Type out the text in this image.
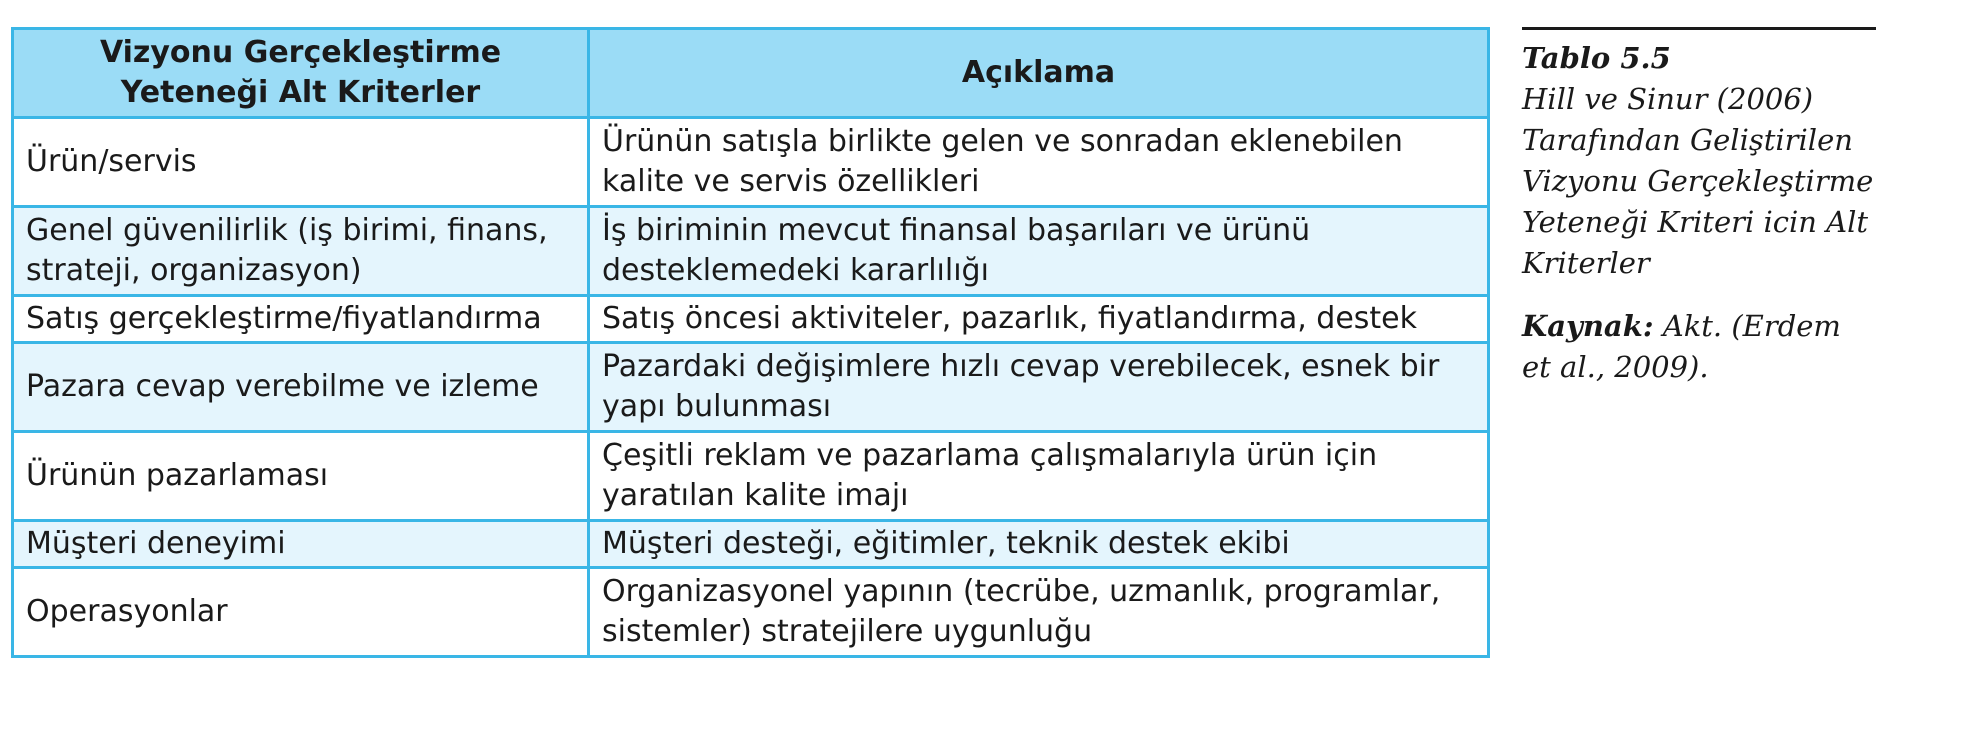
Vizyonu Gerçekleştirme Yeteneği Alt Kriterler	Açıklama
Ürün/servis	Ürünün satışla birlikte gelen ve sonradan eklenebilen kalite ve servis özellikleri
Genel güvenilirlik (iş birimi, finans, strateji, organizasyon)	İş biriminin mevcut finansal başarıları ve ürünü desteklemedeki kararlılığı
Satış gerçekleştirme/fiyatlandırma	Satış öncesi aktiviteler, pazarlık, fiyatlandırma, destek
Pazara cevap verebilme ve izleme	Pazardaki değişimlere hızlı cevap verebilecek, esnek bir yapı bulunması
Ürünün pazarlaması	Çeşitli reklam ve pazarlama çalışmalarıyla ürün için yaratılan kalite imajı
Müşteri deneyimi	Müşteri desteği, eğitimler, teknik destek ekibi
Operasyonlar	Organizasyonel yapının (tecrübe, uzmanlık, programlar, sistemler) stratejilere uygunluğu

Tablo 5.5

Hill ve Sinur (2006) Tarafından Geliştirilen Vizyonu Gerçekleştirme Yeteneği Kriteri icin Alt Kriterler

Kaynak: Akt. (Erdem et al., 2009).
